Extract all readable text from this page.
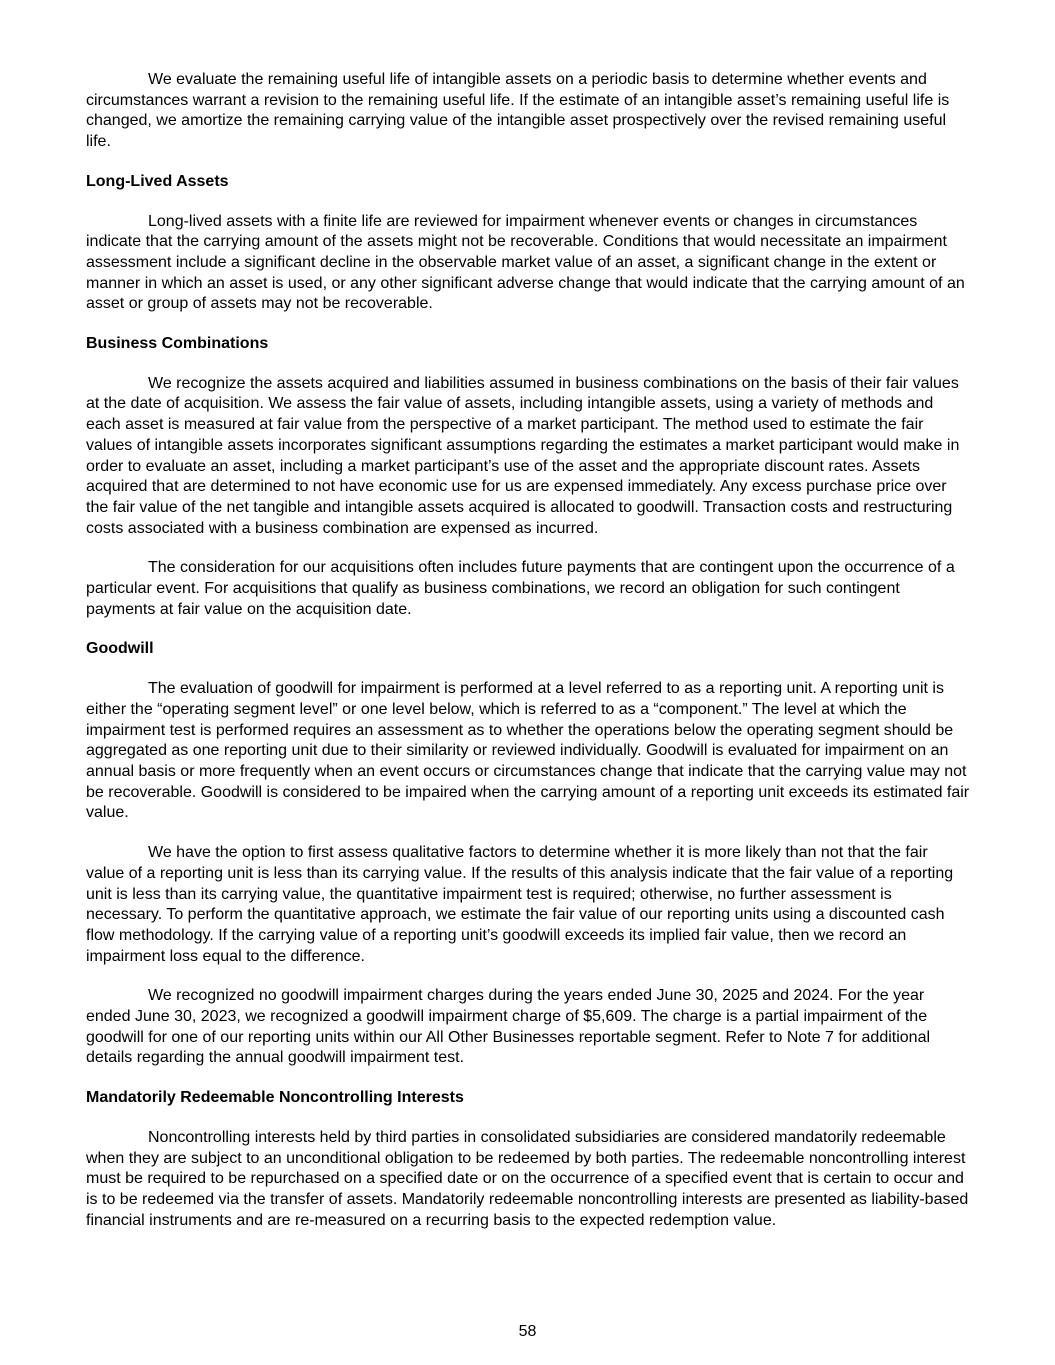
We evaluate the remaining useful life of intangible assets on a periodic basis to determine whether events and circumstances warrant a revision to the remaining useful life. If the estimate of an intangible asset’s remaining useful life is changed, we amortize the remaining carrying value of the intangible asset prospectively over the revised remaining useful life.

Long-Lived Assets

Long-lived assets with a finite life are reviewed for impairment whenever events or changes in circumstances indicate that the carrying amount of the assets might not be recoverable. Conditions that would necessitate an impairment assessment include a significant decline in the observable market value of an asset, a significant change in the extent or manner in which an asset is used, or any other significant adverse change that would indicate that the carrying amount of an asset or group of assets may not be recoverable.

Business Combinations

We recognize the assets acquired and liabilities assumed in business combinations on the basis of their fair values at the date of acquisition. We assess the fair value of assets, including intangible assets, using a variety of methods and each asset is measured at fair value from the perspective of a market participant. The method used to estimate the fair values of intangible assets incorporates significant assumptions regarding the estimates a market participant would make in order to evaluate an asset, including a market participant’s use of the asset and the appropriate discount rates. Assets acquired that are determined to not have economic use for us are expensed immediately. Any excess purchase price over the fair value of the net tangible and intangible assets acquired is allocated to goodwill. Transaction costs and restructuring costs associated with a business combination are expensed as incurred.

The consideration for our acquisitions often includes future payments that are contingent upon the occurrence of a particular event. For acquisitions that qualify as business combinations, we record an obligation for such contingent payments at fair value on the acquisition date.

Goodwill

The evaluation of goodwill for impairment is performed at a level referred to as a reporting unit. A reporting unit is either the “operating segment level” or one level below, which is referred to as a “component.” The level at which the impairment test is performed requires an assessment as to whether the operations below the operating segment should be aggregated as one reporting unit due to their similarity or reviewed individually. Goodwill is evaluated for impairment on an annual basis or more frequently when an event occurs or circumstances change that indicate that the carrying value may not be recoverable. Goodwill is considered to be impaired when the carrying amount of a reporting unit exceeds its estimated fair value.

We have the option to first assess qualitative factors to determine whether it is more likely than not that the fair value of a reporting unit is less than its carrying value. If the results of this analysis indicate that the fair value of a reporting unit is less than its carrying value, the quantitative impairment test is required; otherwise, no further assessment is necessary. To perform the quantitative approach, we estimate the fair value of our reporting units using a discounted cash flow methodology. If the carrying value of a reporting unit’s goodwill exceeds its implied fair value, then we record an impairment loss equal to the difference.

We recognized no goodwill impairment charges during the years ended June 30, 2025 and 2024. For the year ended June 30, 2023, we recognized a goodwill impairment charge of $5,609. The charge is a partial impairment of the goodwill for one of our reporting units within our All Other Businesses reportable segment. Refer to Note 7 for additional details regarding the annual goodwill impairment test.

Mandatorily Redeemable Noncontrolling Interests

Noncontrolling interests held by third parties in consolidated subsidiaries are considered mandatorily redeemable when they are subject to an unconditional obligation to be redeemed by both parties. The redeemable noncontrolling interest must be required to be repurchased on a specified date or on the occurrence of a specified event that is certain to occur and is to be redeemed via the transfer of assets. Mandatorily redeemable noncontrolling interests are presented as liability-based financial instruments and are re-measured on a recurring basis to the expected redemption value.

58
